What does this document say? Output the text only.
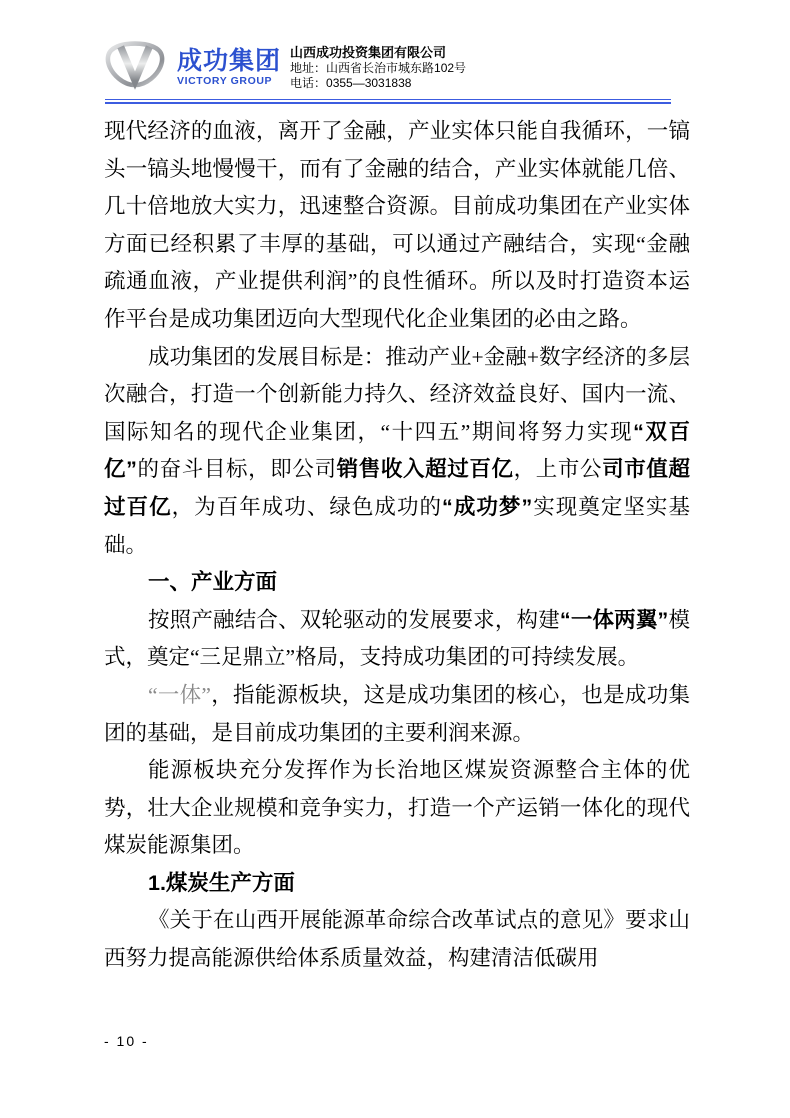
成功集团
VICTORY GROUP
山西成功投资集团有限公司
地址：山西省长治市城东路102号
电话：0355—3031838

现代经济的血液，离开了金融，产业实体只能自我循环，一镐头一镐头地慢慢干，而有了金融的结合，产业实体就能几倍、几十倍地放大实力，迅速整合资源。目前成功集团在产业实体方面已经积累了丰厚的基础，可以通过产融结合，实现“金融疏通血液，产业提供利润”的良性循环。所以及时打造资本运作平台是成功集团迈向大型现代化企业集团的必由之路。

成功集团的发展目标是：推动产业+金融+数字经济的多层次融合，打造一个创新能力持久、经济效益良好、国内一流、国际知名的现代企业集团，“十四五”期间将努力实现“双百亿”的奋斗目标，即公司销售收入超过百亿，上市公司市值超过百亿，为百年成功、绿色成功的“成功梦”实现奠定坚实基础。

一、产业方面

按照产融结合、双轮驱动的发展要求，构建“一体两翼”模式，奠定“三足鼎立”格局，支持成功集团的可持续发展。

“一体”，指能源板块，这是成功集团的核心，也是成功集团的基础，是目前成功集团的主要利润来源。

能源板块充分发挥作为长治地区煤炭资源整合主体的优势，壮大企业规模和竞争实力，打造一个产运销一体化的现代煤炭能源集团。

1.煤炭生产方面

《关于在山西开展能源革命综合改革试点的意见》要求山西努力提高能源供给体系质量效益，构建清洁低碳用

- 10 -
